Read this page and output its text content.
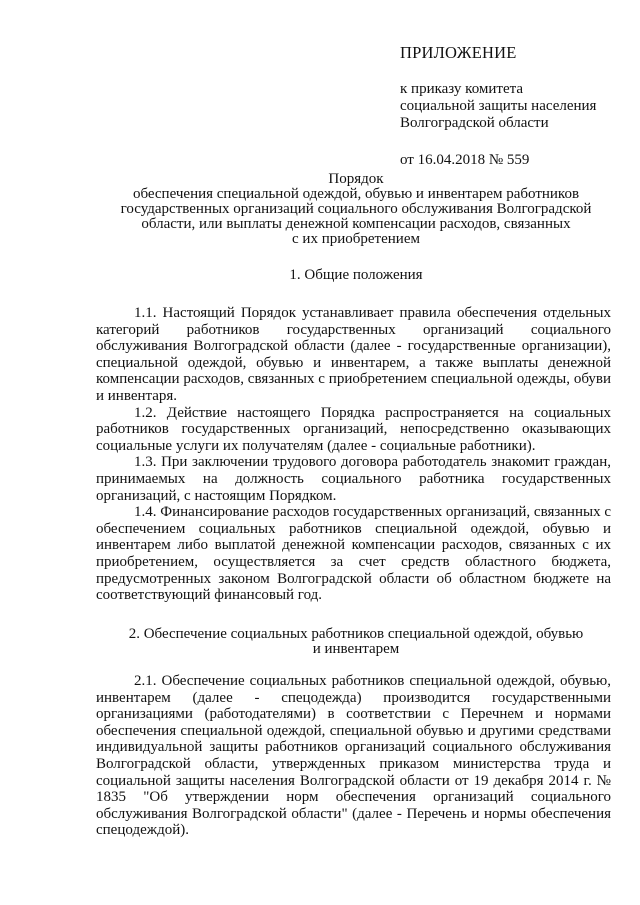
ПРИЛОЖЕНИЕ
к приказу комитета
социальной защиты населения
Волгоградской области
от 16.04.2018 № 559
Порядок
обеспечения специальной одеждой, обувью и инвентарем работников
государственных организаций социального обслуживания Волгоградской
области, или выплаты денежной компенсации расходов, связанных
с их приобретением
1. Общие положения

1.1. Настоящий Порядок устанавливает правила обеспечения отдельных категорий работников государственных организаций социального обслуживания Волгоградской области (далее - государственные организации), специальной одеждой, обувью и инвентарем, а также выплаты денежной компенсации расходов, связанных с приобретением специальной одежды, обуви и инвентаря.

1.2. Действие настоящего Порядка распространяется на социальных работников государственных организаций, непосредственно оказывающих социальные услуги их получателям (далее - социальные работники).

1.3. При заключении трудового договора работодатель знакомит граждан, принимаемых на должность социального работника государственных организаций, с настоящим Порядком.

1.4. Финансирование расходов государственных организаций, связанных с обеспечением социальных работников специальной одеждой, обувью и инвентарем либо выплатой денежной компенсации расходов, связанных с их приобретением, осуществляется за счет средств областного бюджета, предусмотренных законом Волгоградской области об областном бюджете на соответствующий финансовый год.

2. Обеспечение социальных работников специальной одеждой, обувью
и инвентарем

2.1. Обеспечение социальных работников специальной одеждой, обувью, инвентарем (далее - спецодежда) производится государственными организациями (работодателями) в соответствии с Перечнем и нормами обеспечения специальной одеждой, специальной обувью и другими средствами индивидуальной защиты работников организаций социального обслуживания Волгоградской области, утвержденных приказом министерства труда и социальной защиты населения Волгоградской области от 19 декабря 2014 г. № 1835 "Об утверждении норм обеспечения организаций социального обслуживания Волгоградской области" (далее - Перечень и нормы обеспечения спецодеждой).
